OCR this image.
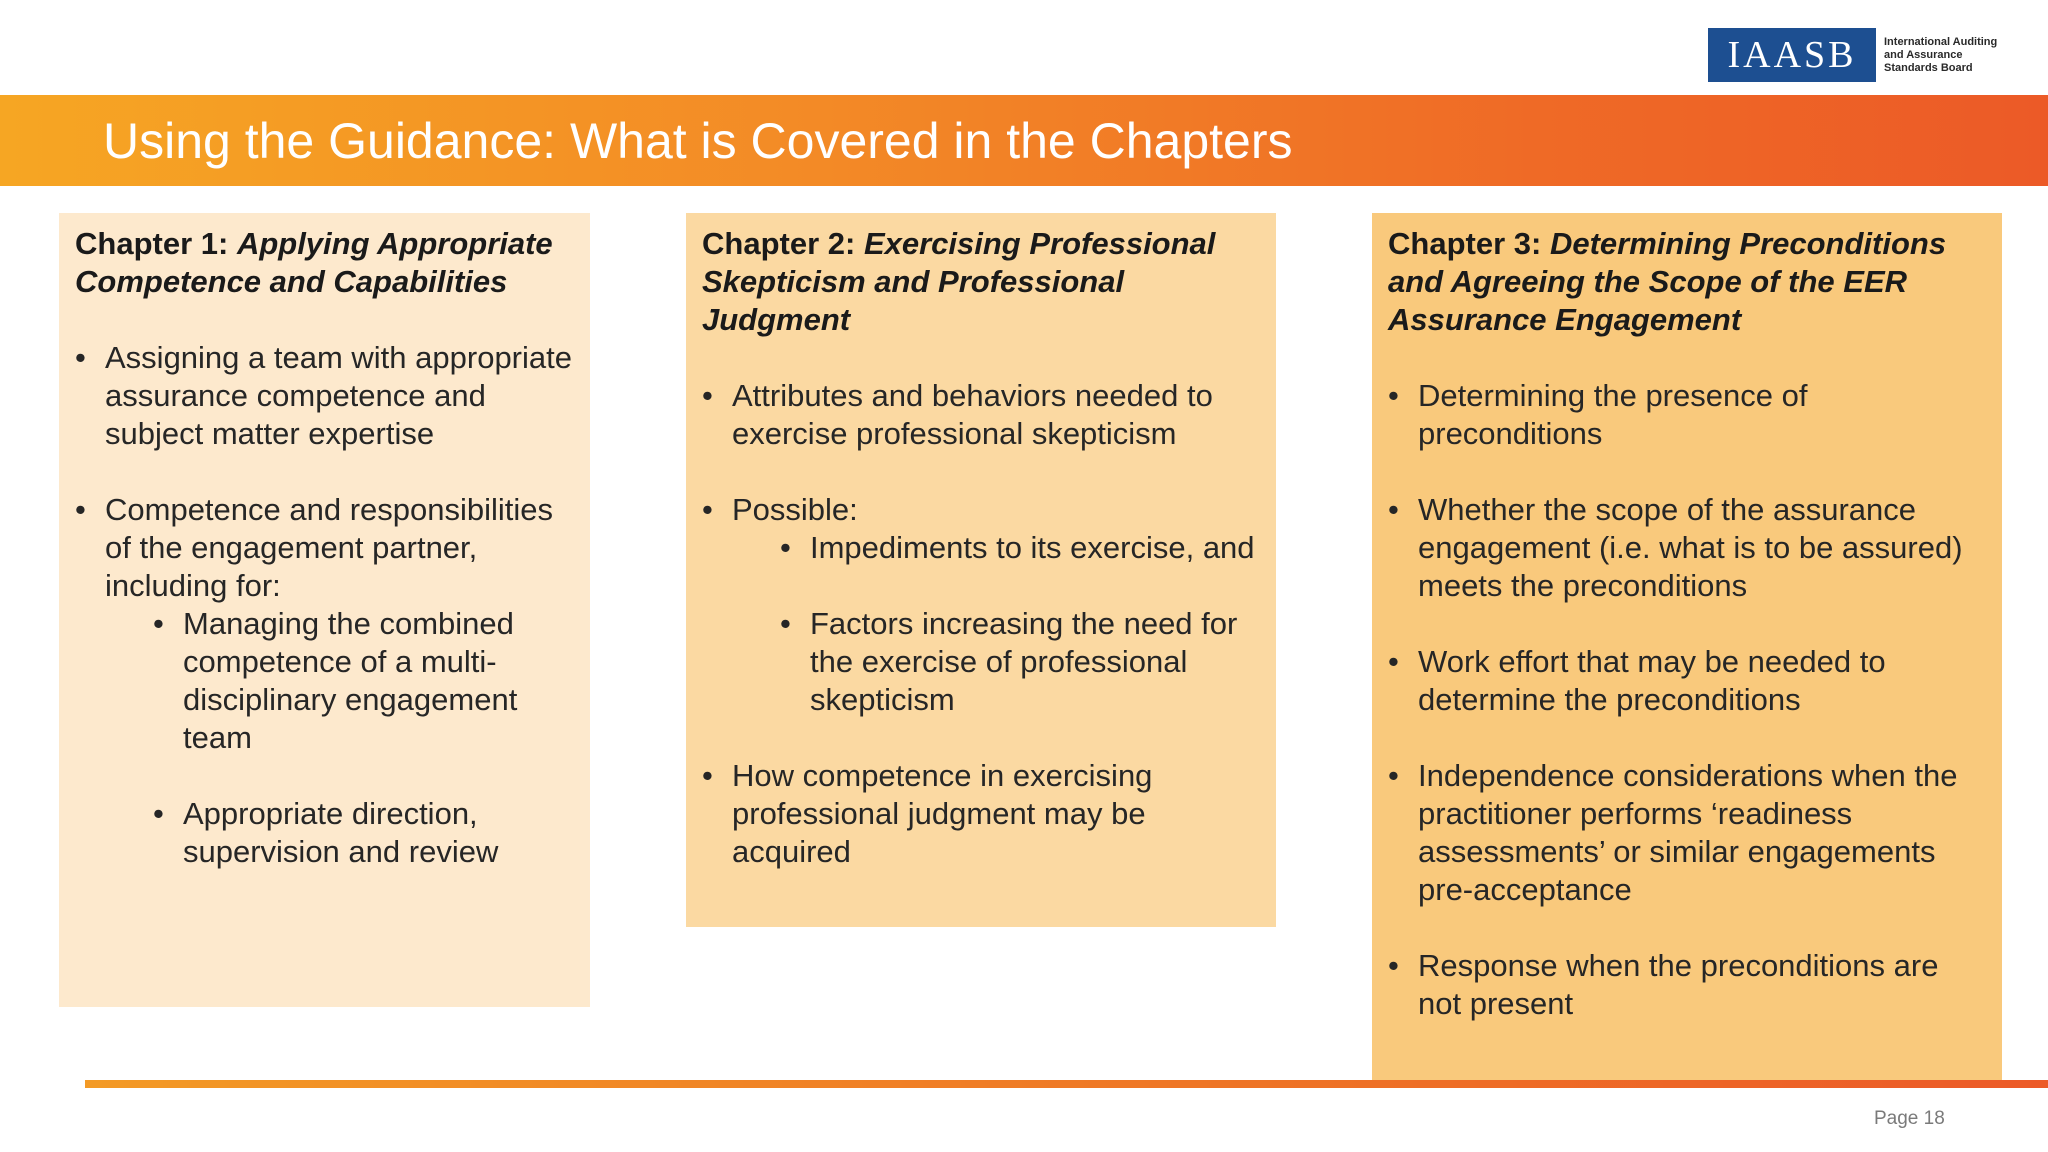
IAASB	International Auditing
and Assurance
Standards Board
Using the Guidance: What is Covered in the Chapters
Chapter 1: Applying Appropriate Competence and Capabilities
• Assigning a team with appropriate assurance competence and subject matter expertise
• Competence and responsibilities of the engagement partner, including for:
• Managing the combined competence of a multi-disciplinary engagement team
• Appropriate direction, supervision and review
Chapter 2: Exercising Professional Skepticism and Professional Judgment
• Attributes and behaviors needed to exercise professional skepticism
• Possible:
• Impediments to its exercise, and
• Factors increasing the need for the exercise of professional skepticism
• How competence in exercising professional judgment may be acquired
Chapter 3: Determining Preconditions and Agreeing the Scope of the EER Assurance Engagement
• Determining the presence of preconditions
• Whether the scope of the assurance engagement (i.e. what is to be assured) meets the preconditions
• Work effort that may be needed to determine the preconditions
• Independence considerations when the practitioner performs ‘readiness assessments’ or similar engagements pre-acceptance
• Response when the preconditions are not present
Page 18
